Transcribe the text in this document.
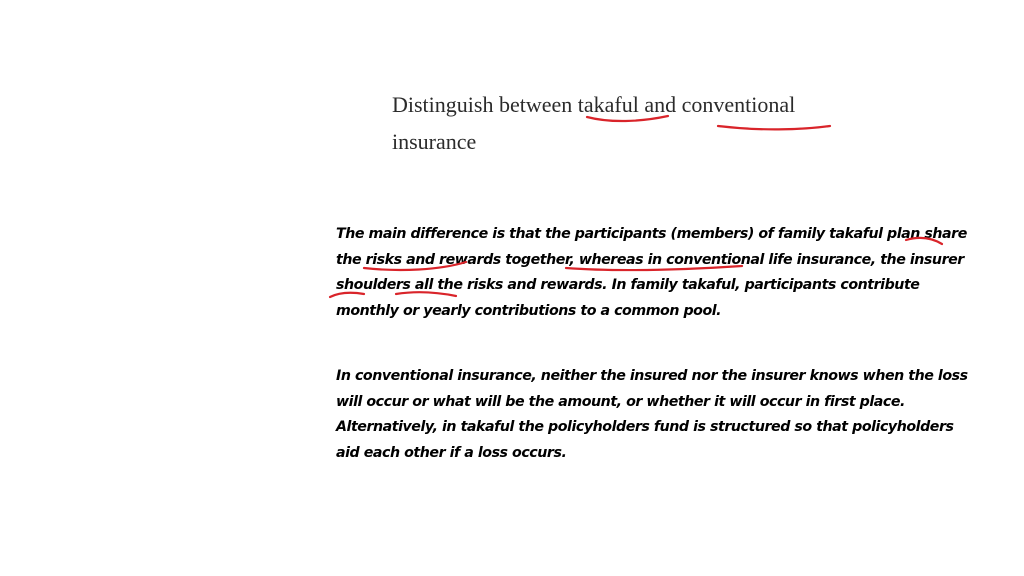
Distinguish between takaful and conventional
insurance
The main difference is that the participants (members) of family takaful plan share the risks and rewards together, whereas in conventional life insurance, the insurer shoulders all the risks and rewards. In family takaful, participants contribute monthly or yearly contributions to a common pool.
In conventional insurance, neither the insured nor the insurer knows when the loss will occur or what will be the amount, or whether it will occur in first place. Alternatively, in takaful the policyholders fund is structured so that policyholders aid each other if a loss occurs.
